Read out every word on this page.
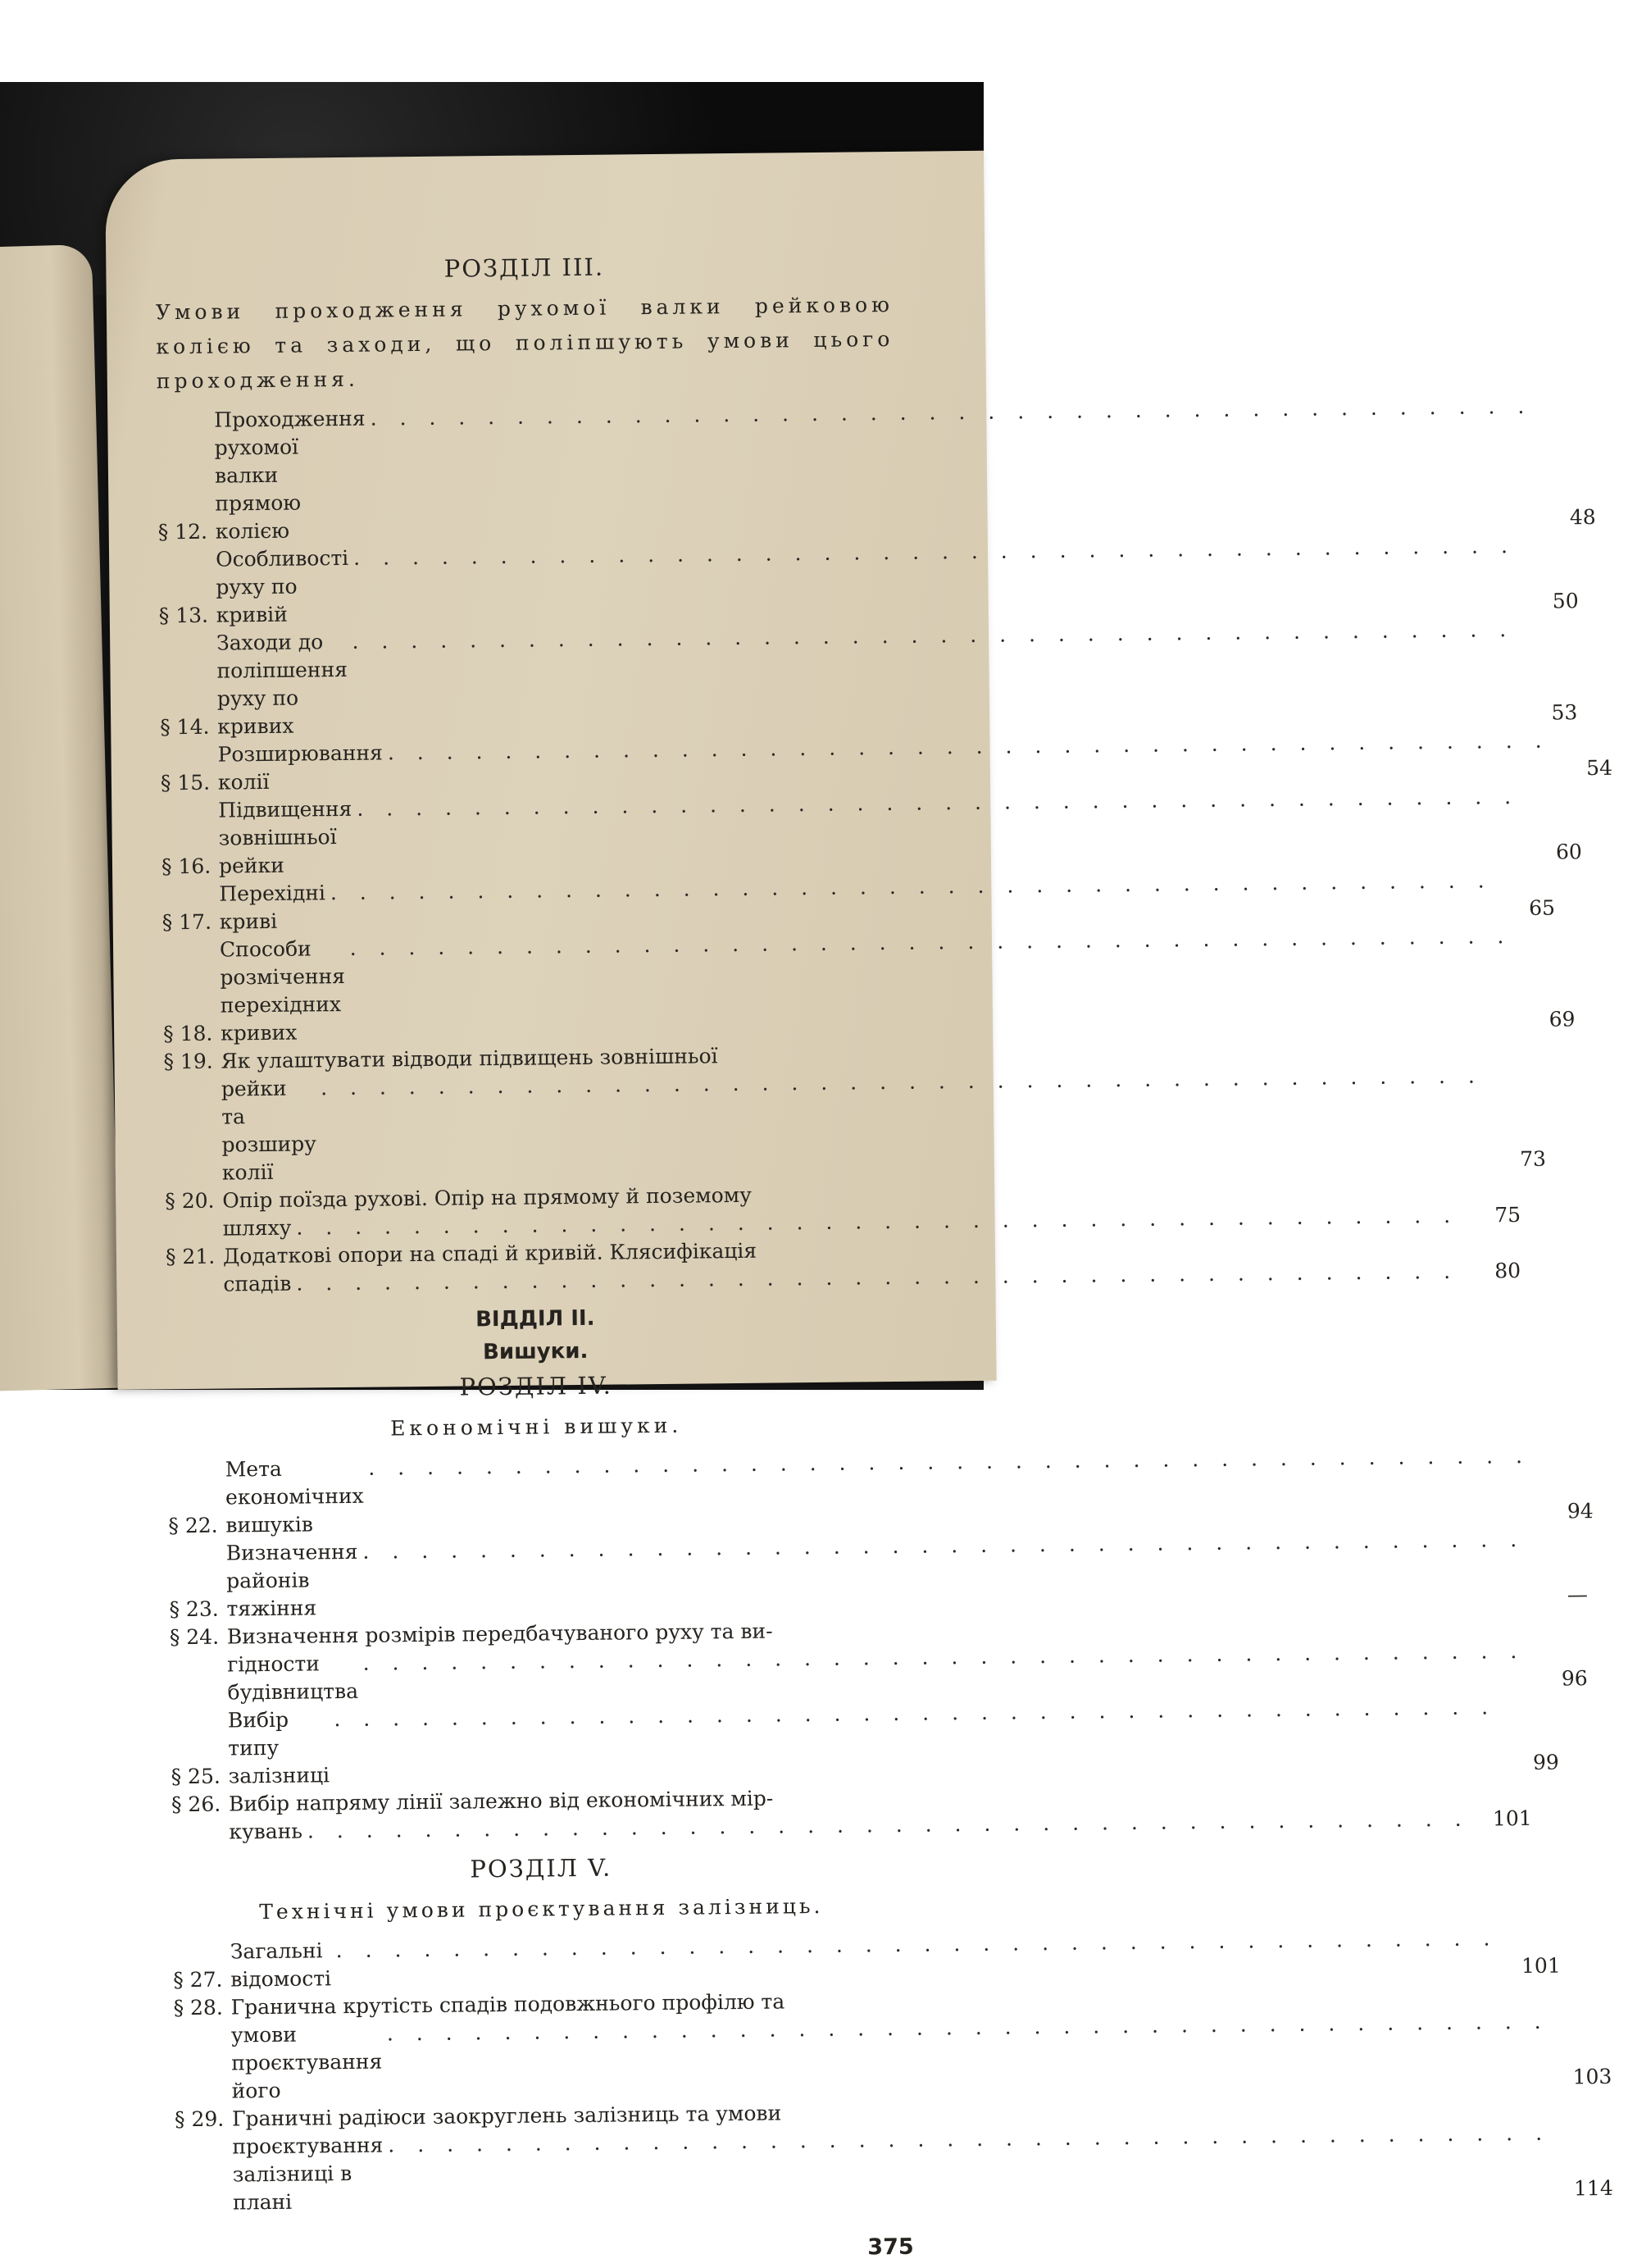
РОЗДІЛ III.
Умови проходження рухомої валки рейковою колією та заходи, що поліпшують умови цього проходження.
§ 12.
Проходження рухомої валки прямою колією
. . .
48
§ 13.
Особливості руху по кривій
. . .
50
§ 14.
Заходи до поліпшення руху по кривих
. . .
53
§ 15.
Розширювання колії
. . .
54
§ 16.
Підвищення зовнішньої рейки
. . .
60
§ 17.
Перехідні криві
. . .
65
§ 18.
Способи розмічення перехідних кривих
. . .
69
§ 19. Як улаштувати відводи підвищень зовнішньої
рейки та розширу колії
. . .
73
§ 20. Опір поїзда рухові. Опір на прямому й поземому
шляху
. . .
75
§ 21. Додаткові опори на спаді й кривій. Клясифікація
спадів
. . .
80
ВІДДІЛ II.
Вишуки.
РОЗДІЛ IV.
Економічні вишуки.
§ 22.
Мета економічних вишуків
. . .
94
§ 23.
Визначення районів тяжіння
. . .
—
§ 24. Визначення розмірів передбачуваного руху та ви-
гідности будівництва
. . .
96
§ 25.
Вибір типу залізниці
. . .
99
§ 26. Вибір напряму лінії залежно від економічних мір-
кувань
. . .
101
РОЗДІЛ V.
Технічні умови проєктування залізниць.
§ 27.
Загальні відомості
. . .
101
§ 28. Гранична крутість спадів подовжнього профілю та
умови проєктування його
. . .
103
§ 29. Граничні радіюси заокруглень залізниць та умови
проєктування залізниці в плані
. . .
114
375
